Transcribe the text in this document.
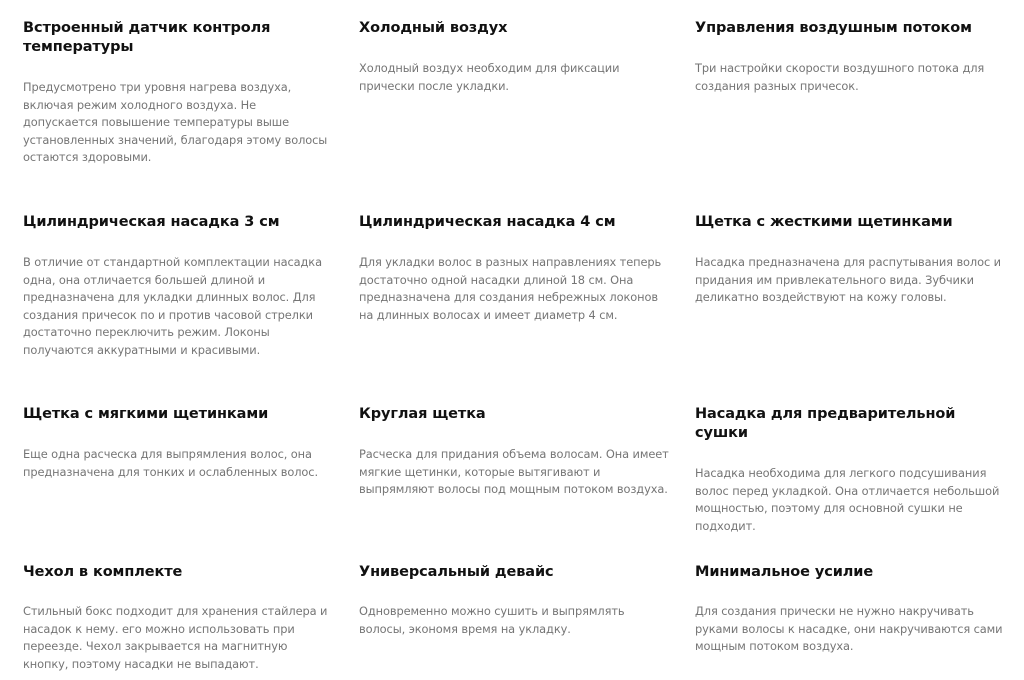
Встроенный датчик контроля температуры

Предусмотрено три уровня нагрева воздуха, включая режим холодного воздуха. Не допускается повышение температуры выше установленных значений, благодаря этому волосы остаются здоровыми.

Холодный воздух

Холодный воздух необходим для фиксации прически после укладки.

Управления воздушным потоком

Три настройки скорости воздушного потока для создания разных причесок.

Цилиндрическая насадка 3 см

В отличие от стандартной комплектации насадка одна, она отличается большей длиной и предназначена для укладки длинных волос. Для создания причесок по и против часовой стрелки достаточно переключить режим. Локоны получаются аккуратными и красивыми.

Цилиндрическая насадка 4 см

Для укладки волос в разных направлениях теперь достаточно одной насадки длиной 18 см. Она предназначена для создания небрежных локонов на длинных волосах и имеет диаметр 4 см.

Щетка с жесткими щетинками

Насадка предназначена для распутывания волос и придания им привлекательного вида. Зубчики деликатно воздействуют на кожу головы.

Щетка с мягкими щетинками

Еще одна расческа для выпрямления волос, она предназначена для тонких и ослабленных волос.

Круглая щетка

Расческа для придания объема волосам. Она имеет мягкие щетинки, которые вытягивают и выпрямляют волосы под мощным потоком воздуха.

Насадка для предварительной сушки

Насадка необходима для легкого подсушивания волос перед укладкой. Она отличается небольшой мощностью, поэтому для основной сушки не подходит.

Чехол в комплекте

Стильный бокс подходит для хранения стайлера и насадок к нему. его можно использовать при переезде. Чехол закрывается на магнитную кнопку, поэтому насадки не выпадают.

Универсальный девайс

Одновременно можно сушить и выпрямлять волосы, экономя время на укладку.

Минимальное усилие

Для создания прически не нужно накручивать руками волосы к насадке, они накручиваются сами мощным потоком воздуха.
